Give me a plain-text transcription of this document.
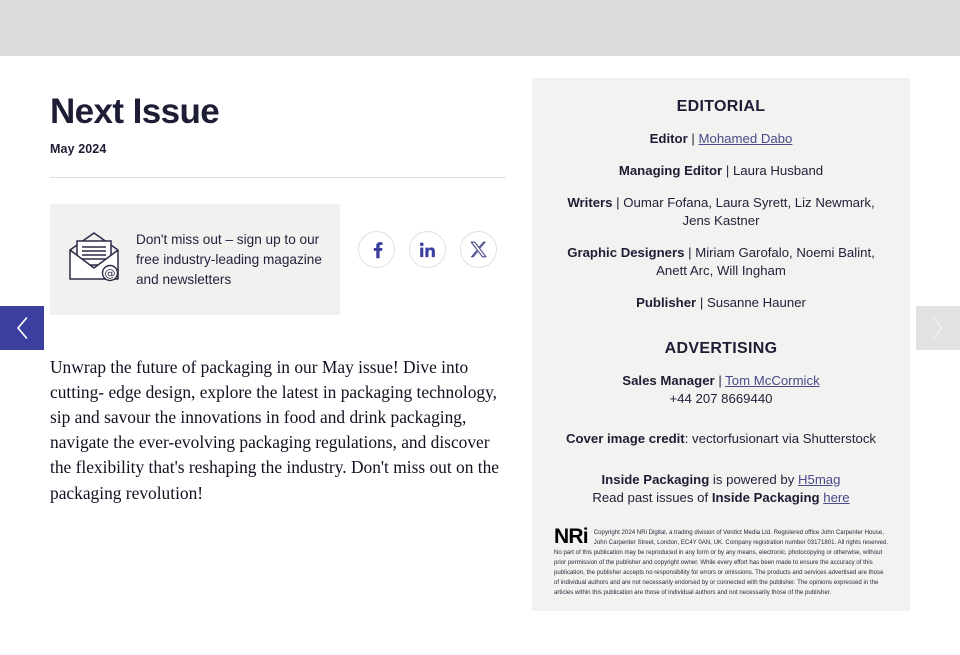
Next Issue
May 2024
@
Don't miss out – sign up to our free industry-leading magazine and newsletters

Unwrap the future of packaging in our May issue! Dive into cutting- edge design, explore the latest in packaging technology, sip and savour the innovations in food and drink packaging, navigate the ever-evolving packaging regulations, and discover the flexibility that's reshaping the industry. Don't miss out on the packaging revolution!

EDITORIAL
Editor | Mohamed Dabo
Managing Editor | Laura Husband
Writers | Oumar Fofana, Laura Syrett, Liz Newmark, Jens Kastner
Graphic Designers | Miriam Garofalo, Noemi Balint, Anett Arc, Will Ingham
Publisher | Susanne Hauner
ADVERTISING
Sales Manager | Tom McCormick
+44 207 8669440
Cover image credit: vectorfusionart via Shutterstock
Inside Packaging is powered by H5mag
Read past issues of Inside Packaging here
NRi Copyright 2024 NRi Digital, a trading division of Verdict Media Ltd. Registered office John Carpenter House, John Carpenter Street, London, EC4Y 0AN, UK. Company registration number 03171801. All rights reserved.
No part of this publication may be reproduced in any form or by any means, electronic, photocopying or otherwise, without prior permission of the publisher and copyright owner. While every effort has been made to ensure the accuracy of this publication, the publisher accepts no responsibility for errors or omissions. The products and services advertised are those of individual authors and are not necessarily endorsed by or connected with the publisher. The opinions expressed in the articles within this publication are those of individual authors and not necessarily those of the publisher.
